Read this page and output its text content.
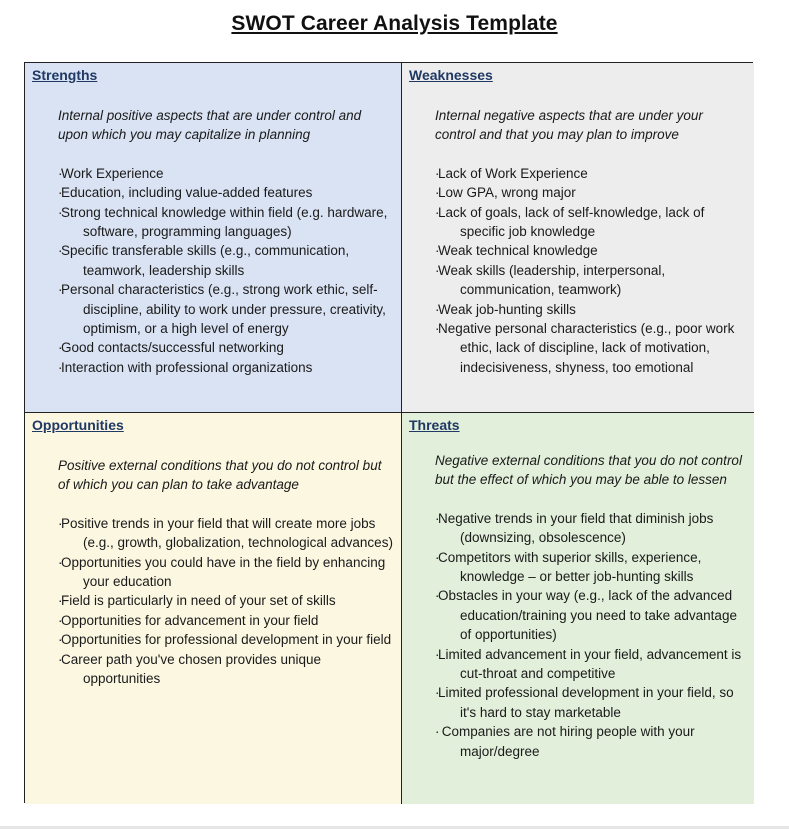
SWOT Career Analysis Template
Strengths
Internal positive aspects that are under control and upon which you may capitalize in planning
· Work Experience
· Education, including value-added features
· Strong technical knowledge within field (e.g. hardware, software, programming languages)
· Specific transferable skills (e.g., communication, teamwork, leadership skills
· Personal characteristics (e.g., strong work ethic, self-discipline, ability to work under pressure, creativity, optimism, or a high level of energy
· Good contacts/successful networking
· Interaction with professional organizations
Weaknesses
Internal negative aspects that are under your control and that you may plan to improve
· Lack of Work Experience
· Low GPA, wrong major
· Lack of goals, lack of self-knowledge, lack of specific job knowledge
· Weak technical knowledge
· Weak skills (leadership, interpersonal, communication, teamwork)
· Weak job-hunting skills
· Negative personal characteristics (e.g., poor work ethic, lack of discipline, lack of motivation, indecisiveness, shyness, too emotional
Opportunities
Positive external conditions that you do not control but of which you can plan to take advantage
· Positive trends in your field that will create more jobs (e.g., growth, globalization, technological advances)
· Opportunities you could have in the field by enhancing your education
· Field is particularly in need of your set of skills
· Opportunities for advancement in your field
· Opportunities for professional development in your field
· Career path you've chosen provides unique opportunities
Threats
Negative external conditions that you do not control but the effect of which you may be able to lessen
· Negative trends in your field that diminish jobs (downsizing, obsolescence)
· Competitors with superior skills, experience, knowledge – or better job-hunting skills
· Obstacles in your way (e.g., lack of the advanced education/training you need to take advantage of opportunities)
· Limited advancement in your field, advancement is cut-throat and competitive
· Limited professional development in your field, so it's hard to stay marketable
· Companies are not hiring people with your major/degree
